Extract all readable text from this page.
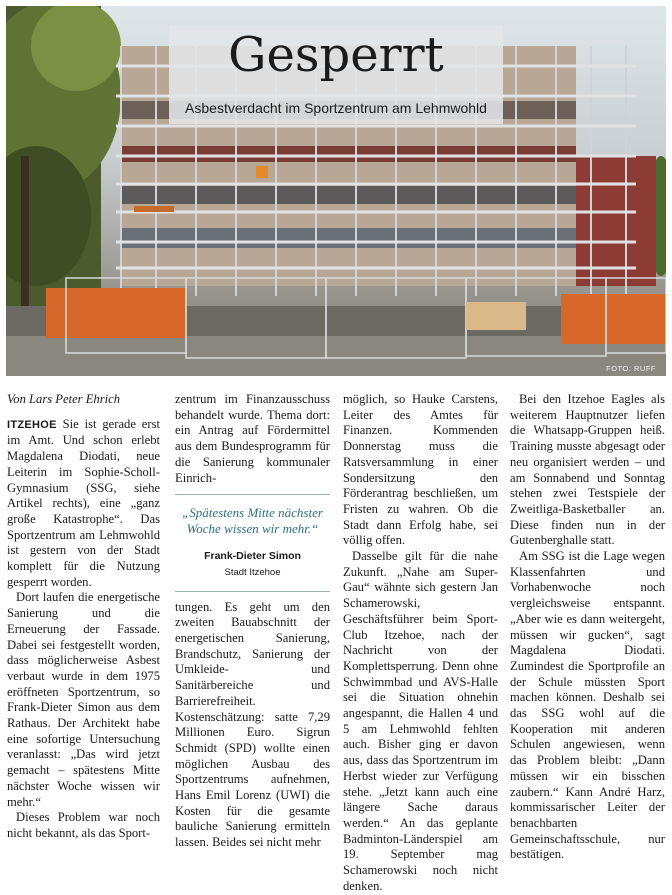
Gesperrt
Asbestverdacht im Sportzentrum am Lehmwohld
FOTO: RUFF
Von Lars Peter Ehrich

ITZEHOE Sie ist gerade erst im Amt. Und schon erlebt Magdalena Diodati, neue Leiterin im Sophie-Scholl-Gymnasium (SSG, siehe Artikel rechts), eine „ganz große Katastrophe“. Das Sportzentrum am Lehmwohld ist gestern von der Stadt komplett für die Nutzung gesperrt worden.

Dort laufen die energetische Sanierung und die Erneuerung der Fassade. Dabei sei festgestellt worden, dass möglicherweise Asbest verbaut wurde in dem 1975 eröffneten Sportzentrum, so Frank-Dieter Simon aus dem Rathaus. Der Architekt habe eine sofortige Untersuchung veranlasst: „Das wird jetzt gemacht – spätestens Mitte nächster Woche wissen wir mehr.“

Dieses Problem war noch nicht bekannt, als das Sport-

zentrum im Finanzausschuss behandelt wurde. Thema dort: ein Antrag auf Fördermittel aus dem Bundesprogramm für die Sanierung kommunaler Einrich-

„Spätestens Mitte nächster Woche wissen wir mehr.“
Frank-Dieter Simon
Stadt Itzehoe

tungen. Es geht um den zweiten Bauabschnitt der energetischen Sanierung, Brandschutz, Sanierung der Umkleide- und Sanitärbereiche und Barrierefreiheit. Kostenschätzung: satte 7,29 Millionen Euro. Sigrun Schmidt (SPD) wollte einen möglichen Ausbau des Sportzentrums aufnehmen, Hans Emil Lorenz (UWI) die Kosten für die gesamte bauliche Sanierung ermitteln lassen. Beides sei nicht mehr

möglich, so Hauke Carstens, Leiter des Amtes für Finanzen. Kommenden Donnerstag muss die Ratsversammlung in einer Sondersitzung den Förderantrag beschließen, um Fristen zu wahren. Ob die Stadt dann Erfolg habe, sei völlig offen.

Dasselbe gilt für die nahe Zukunft. „Nahe am Super-Gau“ wähnte sich gestern Jan Schamerowski, Geschäftsführer beim Sport-Club Itzehoe, nach der Nachricht von der Komplettsperrung. Denn ohne Schwimmbad und AVS-Halle sei die Situation ohnehin angespannt, die Hallen 4 und 5 am Lehmwohld fehlten auch. Bisher ging er davon aus, dass das Sportzentrum im Herbst wieder zur Verfügung stehe. „Jetzt kann auch eine längere Sache daraus werden.“ An das geplante Badminton-Länderspiel am 19. September mag Schamerowski noch nicht denken.

Bei den Itzehoe Eagles als weiterem Hauptnutzer liefen die Whatsapp-Gruppen heiß. Training musste abgesagt oder neu organisiert werden – und am Sonnabend und Sonntag stehen zwei Testspiele der Zweitliga-Basketballer an. Diese finden nun in der Gutenberghalle statt.

Am SSG ist die Lage wegen Klassenfahrten und Vorhabenwoche noch vergleichsweise entspannt. „Aber wie es dann weitergeht, müssen wir gucken“, sagt Magdalena Diodati. Zumindest die Sportprofile an der Schule müssten Sport machen können. Deshalb sei das SSG wohl auf die Kooperation mit anderen Schulen angewiesen, wenn das Problem bleibt: „Dann müssen wir ein bisschen zaubern.“ Kann André Harz, kommissarischer Leiter der benachbarten Gemeinschaftsschule, nur bestätigen.
